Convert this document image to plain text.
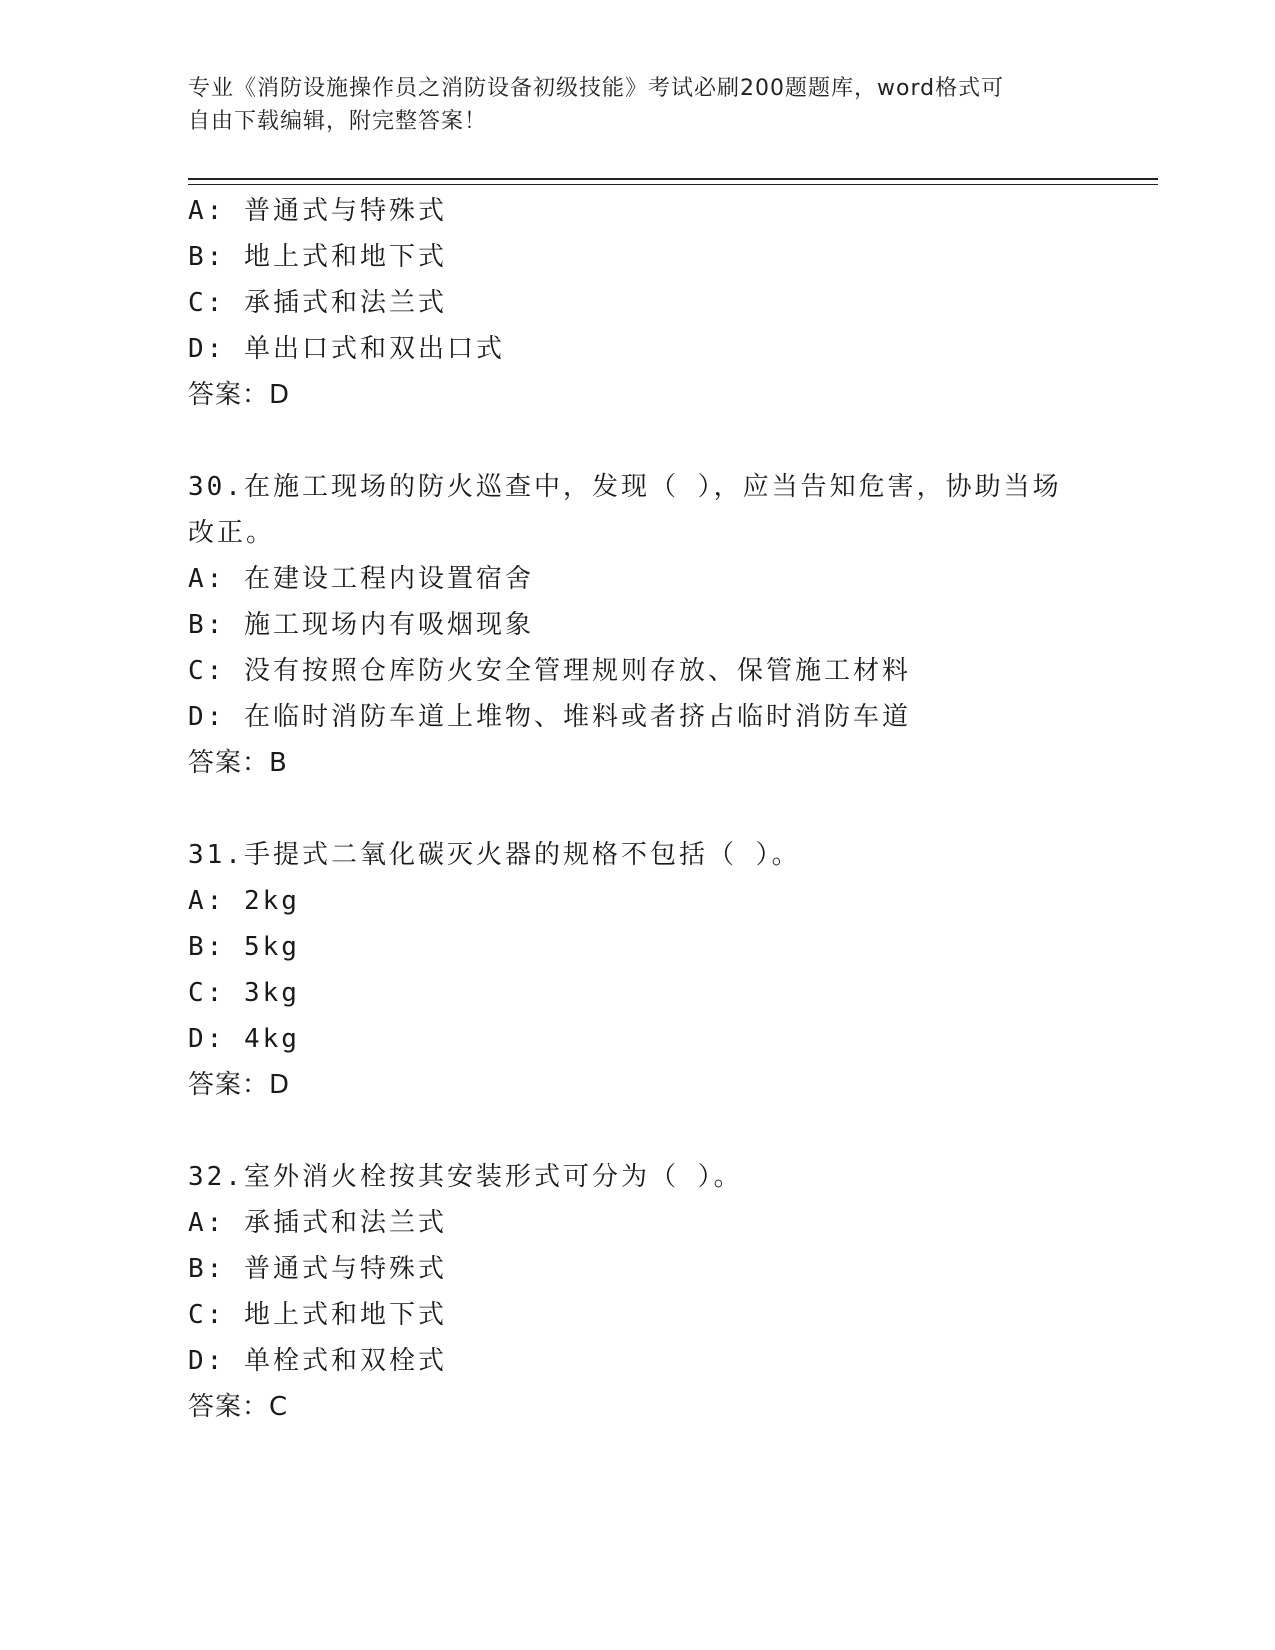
专业《消防设施操作员之消防设备初级技能》考试必刷200题题库，word格式可
自由下载编辑，附完整答案！
A: 普通式与特殊式
B: 地上式和地下式
C: 承插式和法兰式
D: 单出口式和双出口式
答案：D
30.在施工现场的防火巡查中，发现（ ），应当告知危害，协助当场
改正。
A: 在建设工程内设置宿舍
B: 施工现场内有吸烟现象
C: 没有按照仓库防火安全管理规则存放、保管施工材料
D: 在临时消防车道上堆物、堆料或者挤占临时消防车道
答案：B
31.手提式二氧化碳灭火器的规格不包括（ ）。
A: 2kg
B: 5kg
C: 3kg
D: 4kg
答案：D
32.室外消火栓按其安装形式可分为（ ）。
A: 承插式和法兰式
B: 普通式与特殊式
C: 地上式和地下式
D: 单栓式和双栓式
答案：C
